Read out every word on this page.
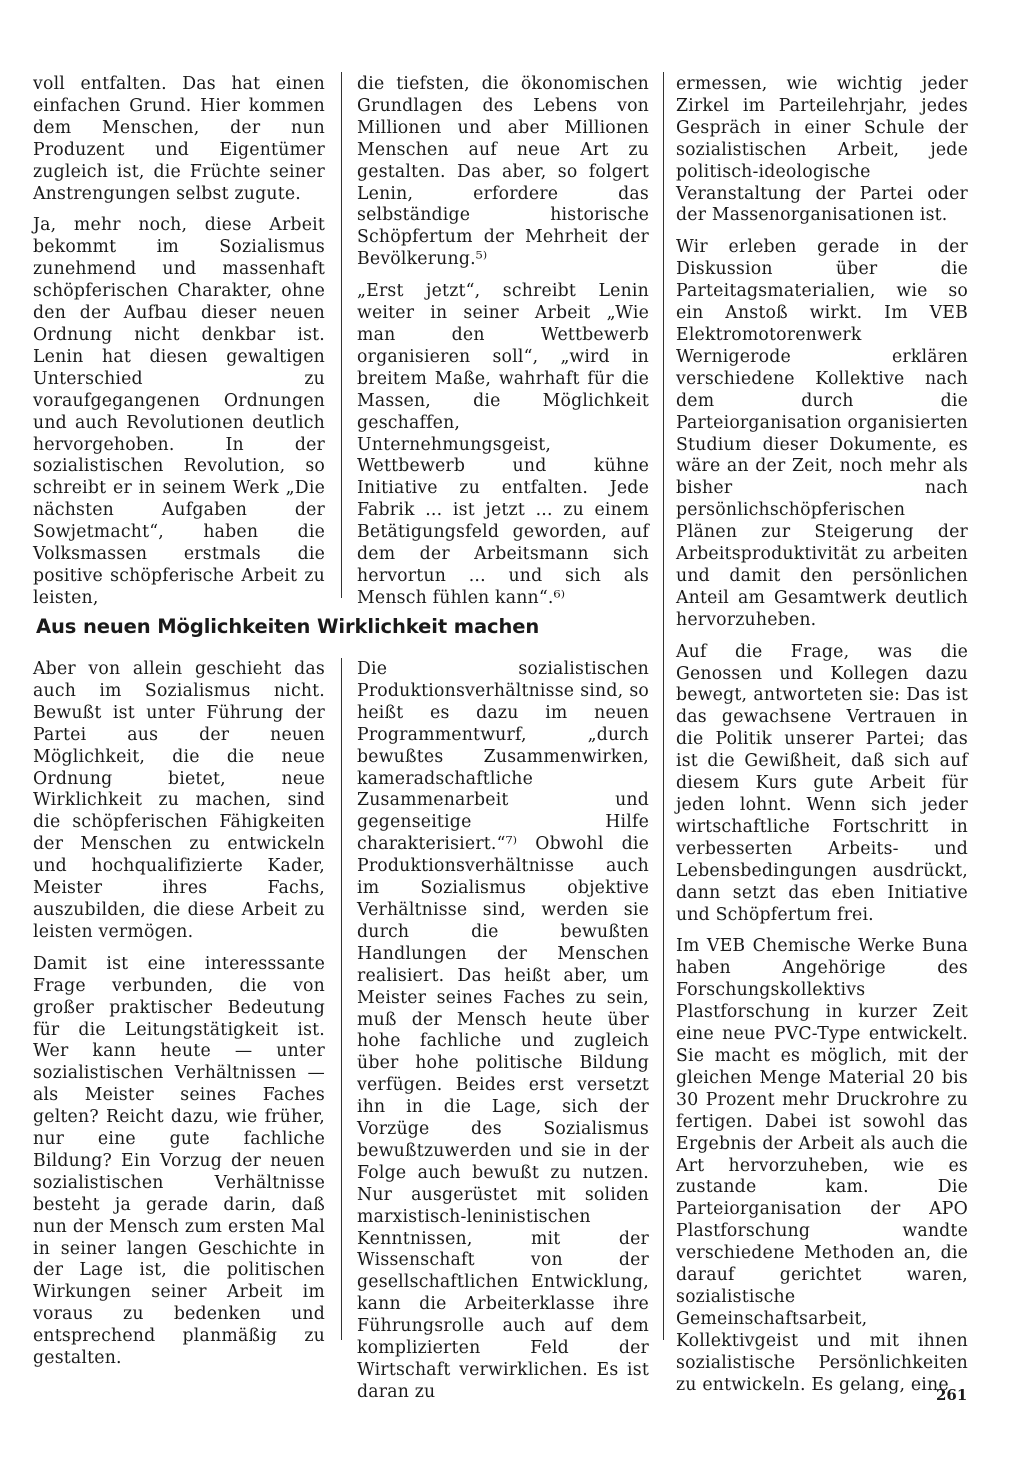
voll entfalten. Das hat einen einfachen Grund. Hier kommen dem Menschen, der nun Produzent und Eigentümer zugleich ist, die Früchte seiner Anstrengungen selbst zugute.

Ja, mehr noch, diese Arbeit bekommt im Sozialismus zunehmend und massenhaft schöpferischen Charakter, ohne den der Aufbau dieser neuen Ordnung nicht denkbar ist. Lenin hat diesen gewaltigen Unterschied zu voraufgegangenen Ordnungen und auch Revolutionen deutlich hervorgehoben. In der sozialistischen Revolution, so schreibt er in seinem Werk „Die nächsten Aufgaben der Sowjetmacht“, haben die Volksmassen erstmals die positive schöpferische Arbeit zu leisten,

die tiefsten, die ökonomischen Grundlagen des Lebens von Millionen und aber Millionen Menschen auf neue Art zu gestalten. Das aber, so folgert Lenin, erfordere das selbständige historische Schöpfertum der Mehrheit der Bevölkerung.⁵⁾

„Erst jetzt“, schreibt Lenin weiter in seiner Arbeit „Wie man den Wettbewerb organisieren soll“, „wird in breitem Maße, wahrhaft für die Massen, die Möglichkeit geschaffen, Unternehmungsgeist, Wettbewerb und kühne Initiative zu entfalten. Jede Fabrik ... ist jetzt ... zu einem Betätigungsfeld geworden, auf dem der Arbeitsmann sich hervortun ... und sich als Mensch fühlen kann“.⁶⁾

Aus neuen Möglichkeiten Wirklichkeit machen

Aber von allein geschieht das auch im Sozialismus nicht. Bewußt ist unter Führung der Partei aus der neuen Möglichkeit, die die neue Ordnung bietet, neue Wirklichkeit zu machen, sind die schöpferischen Fähigkeiten der Menschen zu entwickeln und hochqualifizierte Kader, Meister ihres Fachs, auszubilden, die diese Arbeit zu leisten vermögen.

Damit ist eine interesssante Frage verbunden, die von großer praktischer Bedeutung für die Leitungstätigkeit ist. Wer kann heute — unter sozialistischen Verhältnissen — als Meister seines Faches gelten? Reicht dazu, wie früher, nur eine gute fachliche Bildung? Ein Vorzug der neuen sozialistischen Verhältnisse besteht ja gerade darin, daß nun der Mensch zum ersten Mal in seiner langen Geschichte in der Lage ist, die politischen Wirkungen seiner Arbeit im voraus zu bedenken und entsprechend planmäßig zu gestalten.

Die sozialistischen Produktionsverhältnisse sind, so heißt es dazu im neuen Programmentwurf, „durch bewußtes Zusammenwirken, kameradschaftliche Zusammenarbeit und gegenseitige Hilfe charakterisiert.“⁷⁾ Obwohl die Produktionsverhältnisse auch im Sozialismus objektive Verhältnisse sind, werden sie durch die bewußten Handlungen der Menschen realisiert. Das heißt aber, um Meister seines Faches zu sein, muß der Mensch heute über hohe fachliche und zugleich über hohe politische Bildung verfügen. Beides erst versetzt ihn in die Lage, sich der Vorzüge des Sozialismus bewußtzuwerden und sie in der Folge auch bewußt zu nutzen. Nur ausgerüstet mit soliden marxistisch-leninistischen Kenntnissen, mit der Wissenschaft von der gesellschaftlichen Entwicklung, kann die Arbeiterklasse ihre Führungsrolle auch auf dem komplizierten Feld der Wirtschaft verwirklichen. Es ist daran zu

ermessen, wie wichtig jeder Zirkel im Parteilehrjahr, jedes Gespräch in einer Schule der sozialistischen Arbeit, jede politisch-ideologische Veranstaltung der Partei oder der Massenorganisationen ist.

Wir erleben gerade in der Diskussion über die Parteitagsmaterialien, wie so ein Anstoß wirkt. Im VEB Elektromotorenwerk Wernigerode erklären verschiedene Kollektive nach dem durch die Parteiorganisation organisierten Studium dieser Dokumente, es wäre an der Zeit, noch mehr als bisher nach persönlichschöpferischen Plänen zur Steigerung der Arbeitsproduktivität zu arbeiten und damit den persönlichen Anteil am Gesamtwerk deutlich hervorzuheben.

Auf die Frage, was die Genossen und Kollegen dazu bewegt, antworteten sie: Das ist das gewachsene Vertrauen in die Politik unserer Partei; das ist die Gewißheit, daß sich auf diesem Kurs gute Arbeit für jeden lohnt. Wenn sich jeder wirtschaftliche Fortschritt in verbesserten Arbeits- und Lebensbedingungen ausdrückt, dann setzt das eben Initiative und Schöpfertum frei.

Im VEB Chemische Werke Buna haben Angehörige des Forschungskollektivs Plastforschung in kurzer Zeit eine neue PVC-Type entwickelt. Sie macht es möglich, mit der gleichen Menge Material 20 bis 30 Prozent mehr Druckrohre zu fertigen. Dabei ist sowohl das Ergebnis der Arbeit als auch die Art hervorzuheben, wie es zustande kam. Die Parteiorganisation der APO Plastforschung wandte verschiedene Methoden an, die darauf gerichtet waren, sozialistische Gemeinschaftsarbeit, Kollektivgeist und mit ihnen sozialistische Persönlichkeiten zu entwickeln. Es gelang, eine

261
